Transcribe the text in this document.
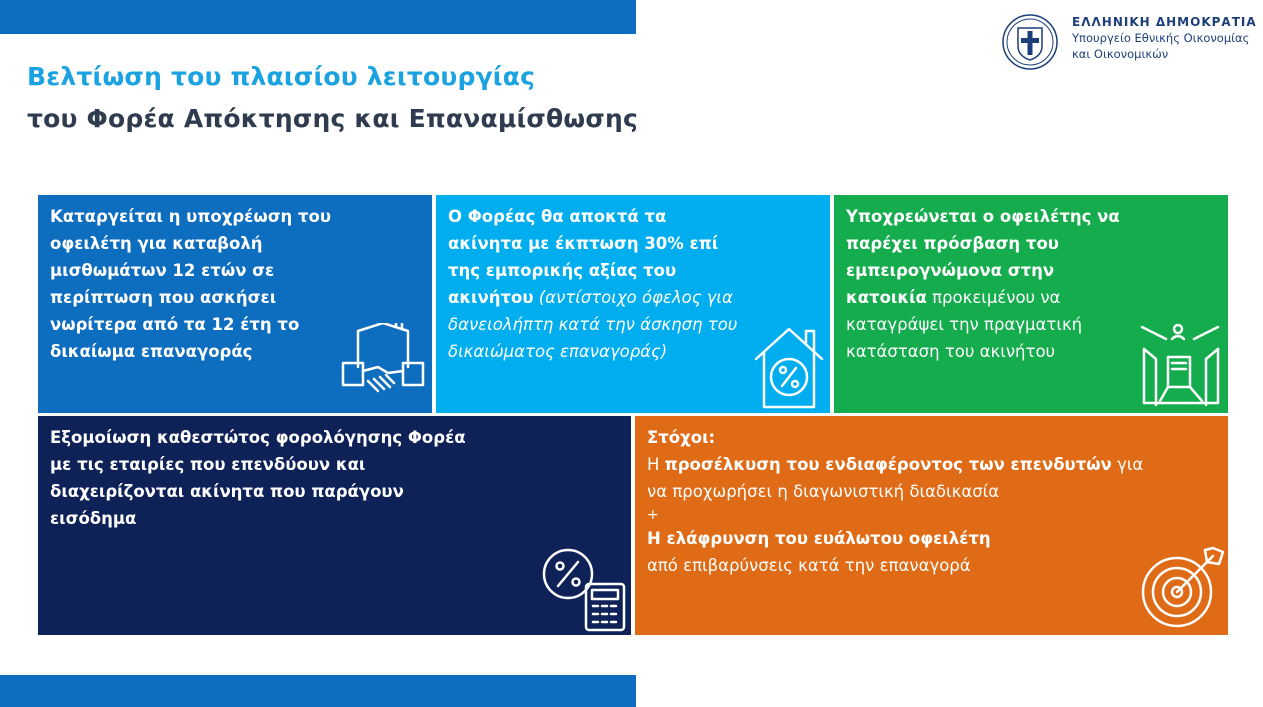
Βελτίωση του πλαισίου λειτουργίας
του Φορέα Απόκτησης και Επαναμίσθωσης
ΕΛΛΗΝΙΚΗ ΔΗΜΟΚΡΑΤΙΑ
Υπουργείο Εθνικής Οικονομίας
και Οικονομικών
Καταργείται η υποχρέωση του οφειλέτη για καταβολή μισθωμάτων 12 ετών σε περίπτωση που ασκήσει νωρίτερα από τα 12 έτη το δικαίωμα επαναγοράς
Ο Φορέας θα αποκτά τα ακίνητα με έκπτωση 30% επί της εμπορικής αξίας του ακινήτου (αντίστοιχο όφελος για δανειολήπτη κατά την άσκηση του δικαιώματος επαναγοράς)
Υποχρεώνεται ο οφειλέτης να παρέχει πρόσβαση του εμπειρογνώμονα στην κατοικία προκειμένου να καταγράψει την πραγματική κατάσταση του ακινήτου
Εξομοίωση καθεστώτος φορολόγησης Φορέα με τις εταιρίες που επενδύουν και διαχειρίζονται ακίνητα που παράγουν εισόδημα
Στόχοι:
Η προσέλκυση του ενδιαφέροντος των επενδυτών για να προχωρήσει η διαγωνιστική διαδικασία
+
Η ελάφρυνση του ευάλωτου οφειλέτη
από επιβαρύνσεις κατά την επαναγορά
